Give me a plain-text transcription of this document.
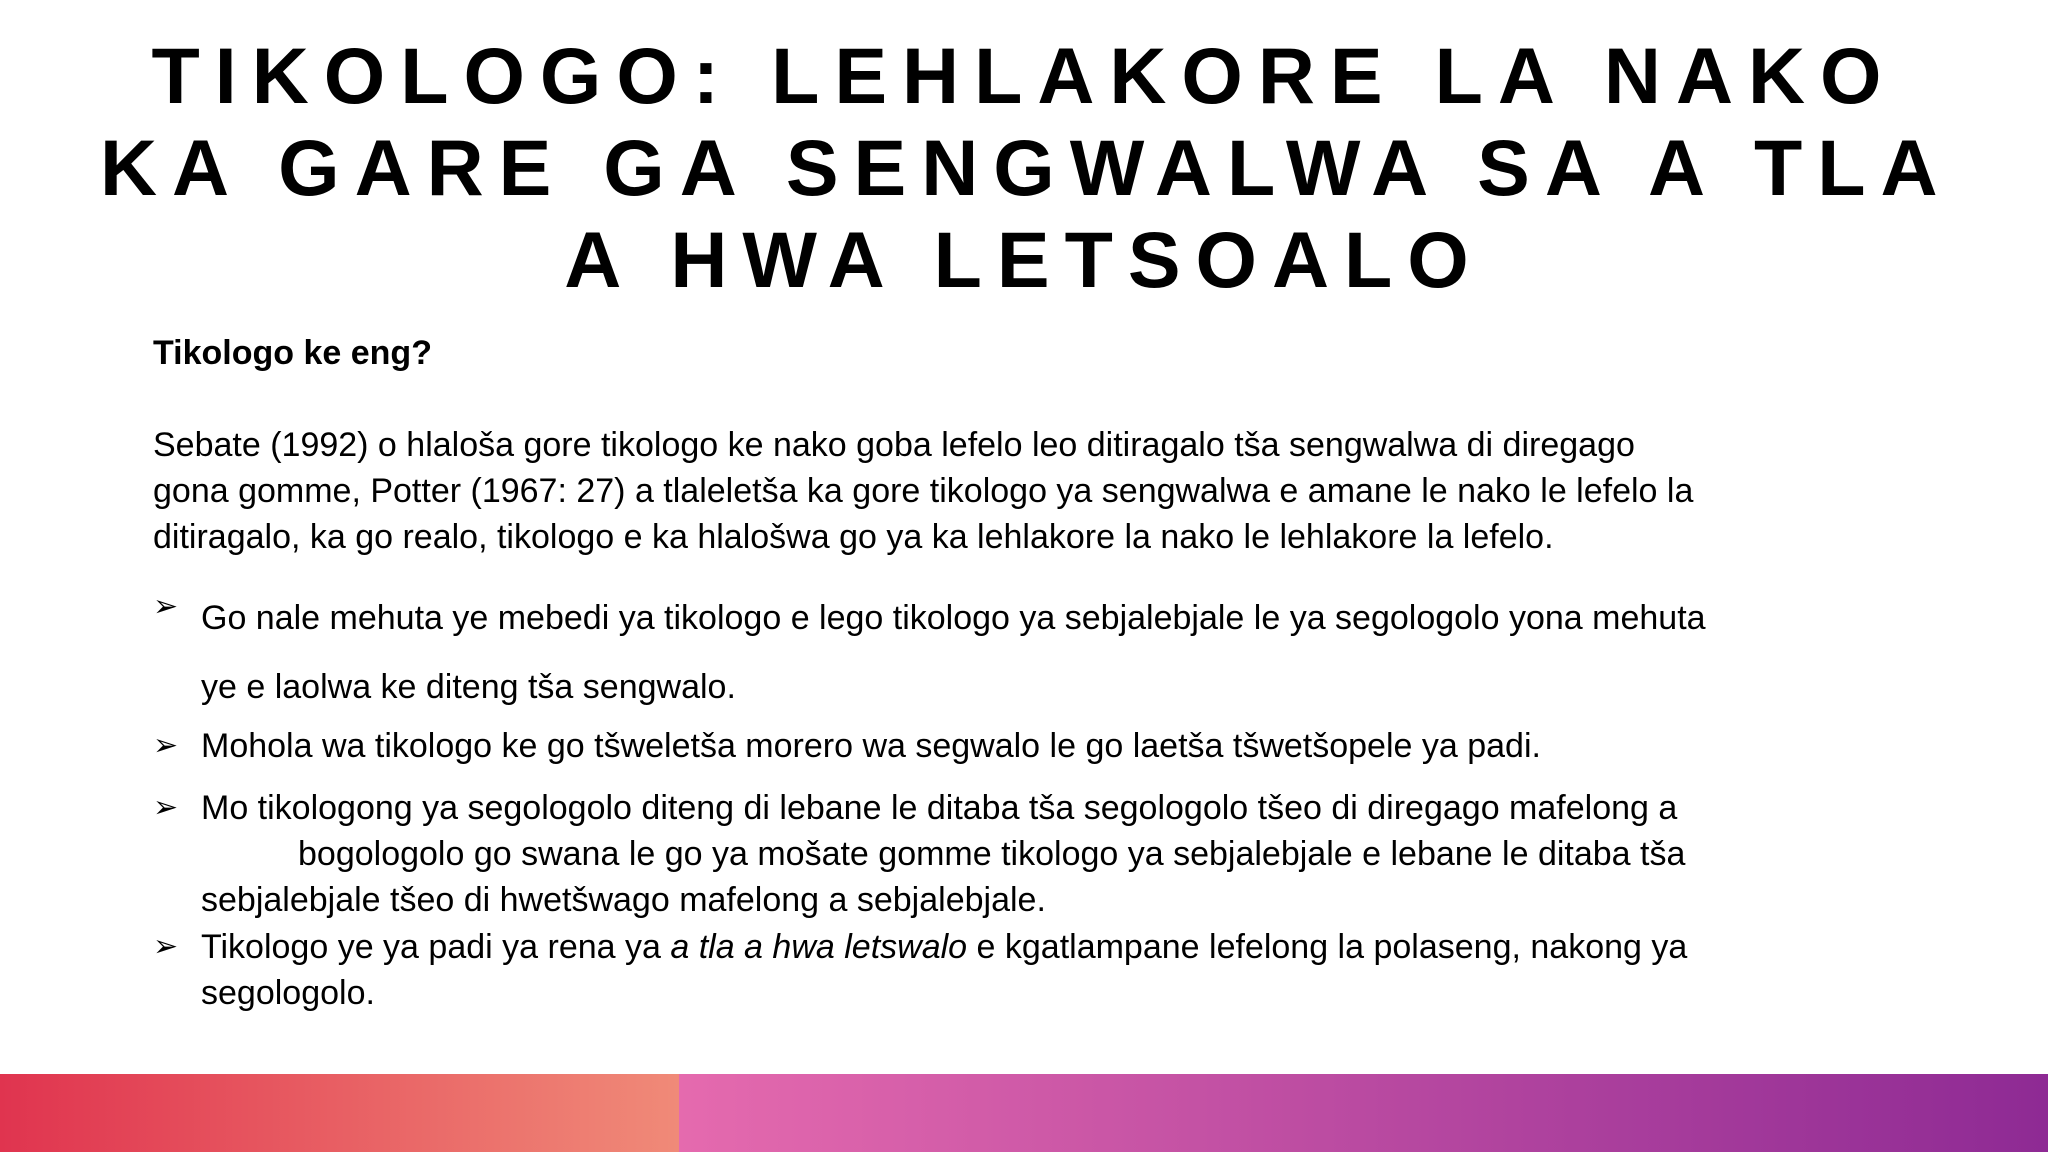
TIKOLOGO: LEHLAKORE LA NAKO
KA GARE GA SENGWALWA SA A TLA
A HWA LETSOALO

Tikologo ke eng?

Sebate (1992) o hlaloša gore tikologo ke nako goba lefelo leo ditiragalo tša sengwalwa di diregago
gona gomme, Potter (1967: 27) a tlaleletša ka gore tikologo ya sengwalwa e amane le nako le lefelo la
ditiragalo, ka go realo, tikologo e ka hlalošwa go ya ka lehlakore la nako le lehlakore la lefelo.

➢ Go nale mehuta ye mebedi ya tikologo e lego tikologo ya sebjalebjale le ya segologolo yona mehuta
ye e laolwa ke diteng tša sengwalo.
➢ Mohola wa tikologo ke go tšweletša morero wa segwalo le go laetša tšwetšopele ya padi.
➢ Mo tikologong ya segologolo diteng di lebane le ditaba tša segologolo tšeo di diregago mafelong a
bogologolo go swana le go ya mošate gomme tikologo ya sebjalebjale e lebane le ditaba tša
sebjalebjale tšeo di hwetšwago mafelong a sebjalebjale.
➢ Tikologo ye ya padi ya rena ya a tla a hwa letswalo e kgatlampane lefelong la polaseng, nakong ya
segologolo.
